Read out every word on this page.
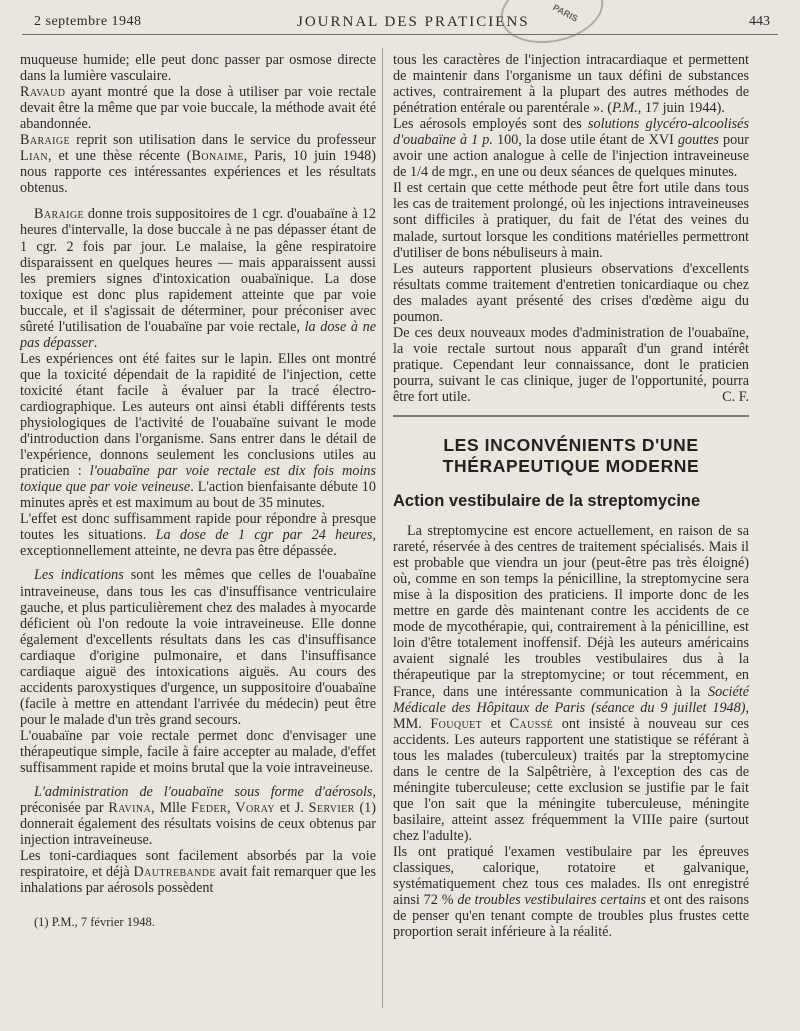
2 septembre 1948	JOURNAL DES PRATICIENS	443
PARIS

muqueuse humide; elle peut donc passer par osmose directe dans la lumière vasculaire.

Ravaud ayant montré que la dose à utiliser par voie rectale devait être la même que par voie buccale, la méthode avait été abandonnée.

Baraige reprit son utilisation dans le service du professeur Lian, et une thèse récente (Bonaime, Paris, 10 juin 1948) nous rapporte ces intéressantes expériences et les résultats obtenus.

Baraige donne trois suppositoires de 1 cgr. d'ouabaïne à 12 heures d'intervalle, la dose buccale à ne pas dépasser étant de 1 cgr. 2 fois par jour. Le malaise, la gêne respiratoire disparaissent en quelques heures — mais apparaissent aussi les premiers signes d'intoxication ouabaïnique. La dose toxique est donc plus rapidement atteinte que par voie buccale, et il s'agissait de déterminer, pour préconiser avec sûreté l'utilisation de l'ouabaïne par voie rectale, la dose à ne pas dépasser.

Les expériences ont été faites sur le lapin. Elles ont montré que la toxicité dépendait de la rapidité de l'injection, cette toxicité étant facile à évaluer par la tracé électro-cardiographique. Les auteurs ont ainsi établi différents tests physiologiques de l'activité de l'ouabaïne suivant le mode d'introduction dans l'organisme. Sans entrer dans le détail de l'expérience, donnons seulement les conclusions utiles au praticien : l'ouabaïne par voie rectale est dix fois moins toxique que par voie veineuse. L'action bienfaisante débute 10 minutes après et est maximum au bout de 35 minutes.

L'effet est donc suffisamment rapide pour répondre à presque toutes les situations. La dose de 1 cgr par 24 heures, exceptionnellement atteinte, ne devra pas être dépassée.

Les indications sont les mêmes que celles de l'ouabaïne intraveineuse, dans tous les cas d'insuffisance ventriculaire gauche, et plus particulièrement chez des malades à myocarde déficient où l'on redoute la voie intraveineuse. Elle donne également d'excellents résultats dans les cas d'insuffisance cardiaque d'origine pulmonaire, et dans l'insuffisance cardiaque aiguë des intoxications aiguës. Au cours des accidents paroxystiques d'urgence, un suppositoire d'ouabaïne (facile à mettre en attendant l'arrivée du médecin) peut être pour le malade d'un très grand secours.

L'ouabaïne par voie rectale permet donc d'envisager une thérapeutique simple, facile à faire accepter au malade, d'effet suffisamment rapide et moins brutal que la voie intraveineuse.

L'administration de l'ouabaïne sous forme d'aérosols, préconisée par Ravina, Mlle Feder, Voray et J. Servier (1) donnerait également des résultats voisins de ceux obtenus par injection intraveineuse.

Les toni-cardiaques sont facilement absorbés par la voie respiratoire, et déjà Dautrebande avait fait remarquer que les inhalations par aérosols possèdent

(1) P.M., 7 février 1948.

tous les caractères de l'injection intracardiaque et permettent de maintenir dans l'organisme un taux défini de substances actives, contrairement à la plupart des autres méthodes de pénétration entérale ou parentérale ». (P.M., 17 juin 1944).

Les aérosols employés sont des solutions glycéro-alcoolisés d'ouabaïne à 1 p. 100, la dose utile étant de XVI gouttes pour avoir une action analogue à celle de l'injection intraveineuse de 1/4 de mgr., en une ou deux séances de quelques minutes.

Il est certain que cette méthode peut être fort utile dans tous les cas de traitement prolongé, où les injections intraveineuses sont difficiles à pratiquer, du fait de l'état des veines du malade, surtout lorsque les conditions matérielles permettront d'utiliser de bons nébuliseurs à main.

Les auteurs rapportent plusieurs observations d'excellents résultats comme traitement d'entretien tonicardiaque ou chez des malades ayant présenté des crises d'œdème aigu du poumon.

De ces deux nouveaux modes d'administration de l'ouabaïne, la voie rectale surtout nous apparaît d'un grand intérêt pratique. Cependant leur connaissance, dont le praticien pourra, suivant le cas clinique, juger de l'opportunité, pourra être fort utile.	C. F.

LES INCONVÉNIENTS D'UNE
THÉRAPEUTIQUE MODERNE
Action vestibulaire de la streptomycine

La streptomycine est encore actuellement, en raison de sa rareté, réservée à des centres de traitement spécialisés. Mais il est probable que viendra un jour (peut-être pas très éloigné) où, comme en son temps la pénicilline, la streptomycine sera mise à la disposition des praticiens. Il importe donc de les mettre en garde dès maintenant contre les accidents de ce mode de mycothérapie, qui, contrairement à la pénicilline, est loin d'être totalement inoffensif. Déjà les auteurs américains avaient signalé les troubles vestibulaires dus à la thérapeutique par la streptomycine; or tout récemment, en France, dans une intéressante communication à la Société Médicale des Hôpitaux de Paris (séance du 9 juillet 1948), MM. Fouquet et Caussé ont insisté à nouveau sur ces accidents. Les auteurs rapportent une statistique se référant à tous les malades (tuberculeux) traités par la streptomycine dans le centre de la Salpêtrière, à l'exception des cas de méningite tuberculeuse; cette exclusion se justifie par le fait que l'on sait que la méningite tuberculeuse, méningite basilaire, atteint assez fréquemment la VIIIe paire (surtout chez l'adulte).

Ils ont pratiqué l'examen vestibulaire par les épreuves classiques, calorique, rotatoire et galvanique, systématiquement chez tous ces malades. Ils ont enregistré ainsi 72 % de troubles vestibulaires certains et ont des raisons de penser qu'en tenant compte de troubles plus frustes cette proportion serait inférieure à la réalité.
